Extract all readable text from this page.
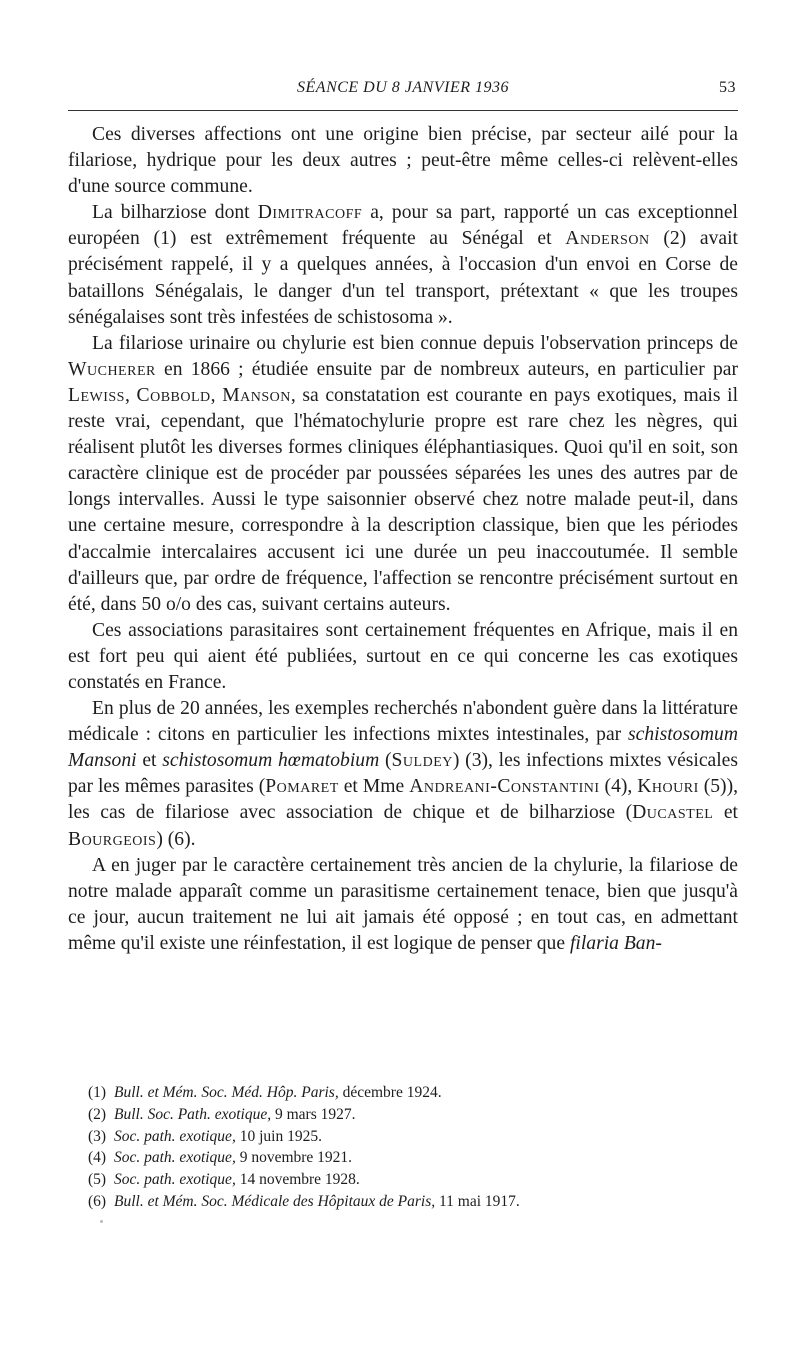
SÉANCE DU 8 JANVIER 1936	53

Ces diverses affections ont une origine bien précise, par secteur ailé pour la filariose, hydrique pour les deux autres ; peut-être même celles-ci relèvent-elles d'une source commune.

La bilharziose dont Dimitracoff a, pour sa part, rapporté un cas exceptionnel européen (1) est extrêmement fréquente au Sénégal et Anderson (2) avait précisément rappelé, il y a quelques années, à l'occasion d'un envoi en Corse de bataillons Sénégalais, le danger d'un tel transport, prétextant « que les troupes sénégalaises sont très infestées de schistosoma ».

La filariose urinaire ou chylurie est bien connue depuis l'observation princeps de Wucherer en 1866 ; étudiée ensuite par de nombreux auteurs, en particulier par Lewiss, Cobbold, Manson, sa constatation est courante en pays exotiques, mais il reste vrai, cependant, que l'hématochylurie propre est rare chez les nègres, qui réalisent plutôt les diverses formes cliniques éléphantiasiques. Quoi qu'il en soit, son caractère clinique est de procéder par poussées séparées les unes des autres par de longs intervalles. Aussi le type saisonnier observé chez notre malade peut-il, dans une certaine mesure, correspondre à la description classique, bien que les périodes d'accalmie intercalaires accusent ici une durée un peu inaccoutumée. Il semble d'ailleurs que, par ordre de fréquence, l'affection se rencontre précisément surtout en été, dans 50 o/o des cas, suivant certains auteurs.

Ces associations parasitaires sont certainement fréquentes en Afrique, mais il en est fort peu qui aient été publiées, surtout en ce qui concerne les cas exotiques constatés en France.

En plus de 20 années, les exemples recherchés n'abondent guère dans la littérature médicale : citons en particulier les infections mixtes intestinales, par schistosomum Mansoni et schistosomum hœmatobium (Suldey) (3), les infections mixtes vésicales par les mêmes parasites (Pomaret et Mme Andreani-Constantini (4), Khouri (5)), les cas de filariose avec association de chique et de bilharziose (Ducastel et Bourgeois) (6).

A en juger par le caractère certainement très ancien de la chylurie, la filariose de notre malade apparaît comme un parasitisme certainement tenace, bien que jusqu'à ce jour, aucun traitement ne lui ait jamais été opposé ; en tout cas, en admettant même qu'il existe une réinfestation, il est logique de penser que filaria Ban-

(1) Bull. et Mém. Soc. Méd. Hôp. Paris, décembre 1924.

(2) Bull. Soc. Path. exotique, 9 mars 1927.

(3) Soc. path. exotique, 10 juin 1925.

(4) Soc. path. exotique, 9 novembre 1921.

(5) Soc. path. exotique, 14 novembre 1928.

(6) Bull. et Mém. Soc. Médicale des Hôpitaux de Paris, 11 mai 1917.
